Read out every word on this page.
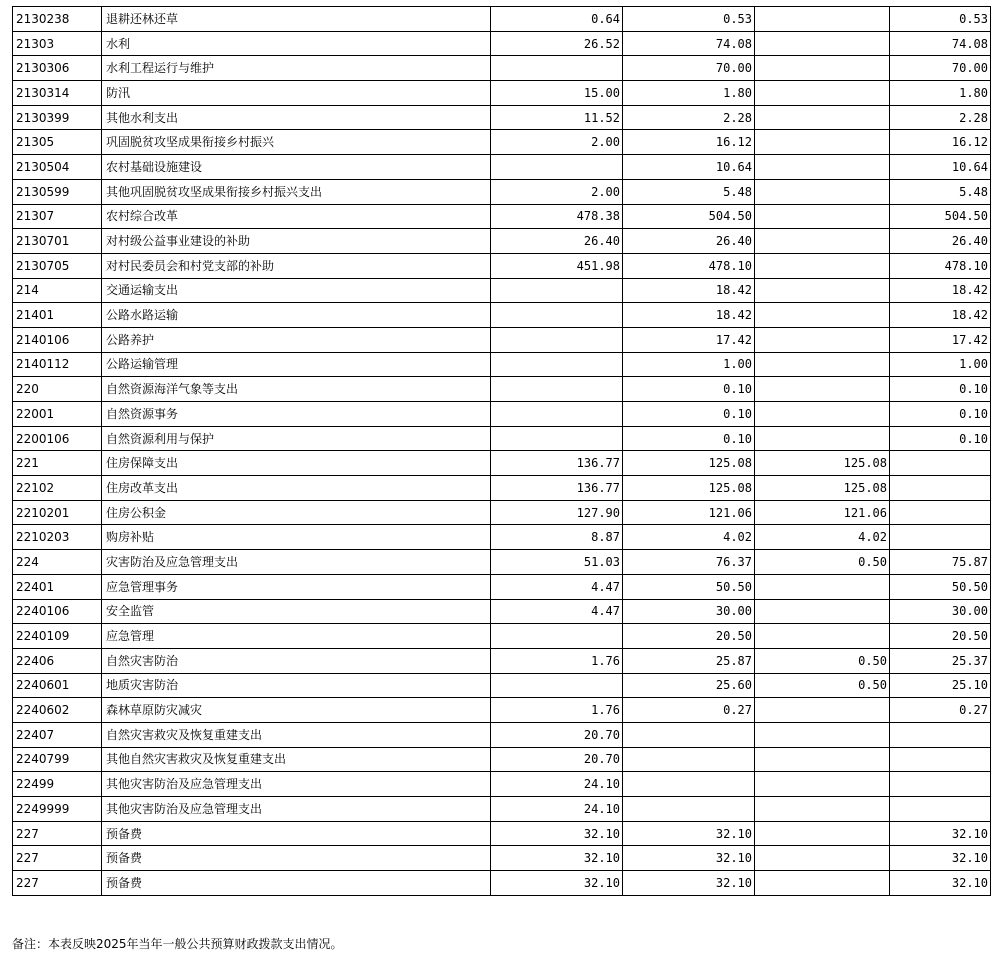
2130238	退耕还林还草	0.64	0.53		0.53
21303	水利	26.52	74.08		74.08
2130306	水利工程运行与维护		70.00		70.00
2130314	防汛	15.00	1.80		1.80
2130399	其他水利支出	11.52	2.28		2.28
21305	巩固脱贫攻坚成果衔接乡村振兴	2.00	16.12		16.12
2130504	农村基础设施建设		10.64		10.64
2130599	其他巩固脱贫攻坚成果衔接乡村振兴支出	2.00	5.48		5.48
21307	农村综合改革	478.38	504.50		504.50
2130701	对村级公益事业建设的补助	26.40	26.40		26.40
2130705	对村民委员会和村党支部的补助	451.98	478.10		478.10
214	交通运输支出		18.42		18.42
21401	公路水路运输		18.42		18.42
2140106	公路养护		17.42		17.42
2140112	公路运输管理		1.00		1.00
220	自然资源海洋气象等支出		0.10		0.10
22001	自然资源事务		0.10		0.10
2200106	自然资源利用与保护		0.10		0.10
221	住房保障支出	136.77	125.08	125.08	
22102	住房改革支出	136.77	125.08	125.08	
2210201	住房公积金	127.90	121.06	121.06	
2210203	购房补贴	8.87	4.02	4.02	
224	灾害防治及应急管理支出	51.03	76.37	0.50	75.87
22401	应急管理事务	4.47	50.50		50.50
2240106	安全监管	4.47	30.00		30.00
2240109	应急管理		20.50		20.50
22406	自然灾害防治	1.76	25.87	0.50	25.37
2240601	地质灾害防治		25.60	0.50	25.10
2240602	森林草原防灾减灾	1.76	0.27		0.27
22407	自然灾害救灾及恢复重建支出	20.70			
2240799	其他自然灾害救灾及恢复重建支出	20.70			
22499	其他灾害防治及应急管理支出	24.10			
2249999	其他灾害防治及应急管理支出	24.10			
227	预备费	32.10	32.10		32.10
227	预备费	32.10	32.10		32.10
227	预备费	32.10	32.10		32.10
备注：本表反映2025年当年一般公共预算财政拨款支出情况。
